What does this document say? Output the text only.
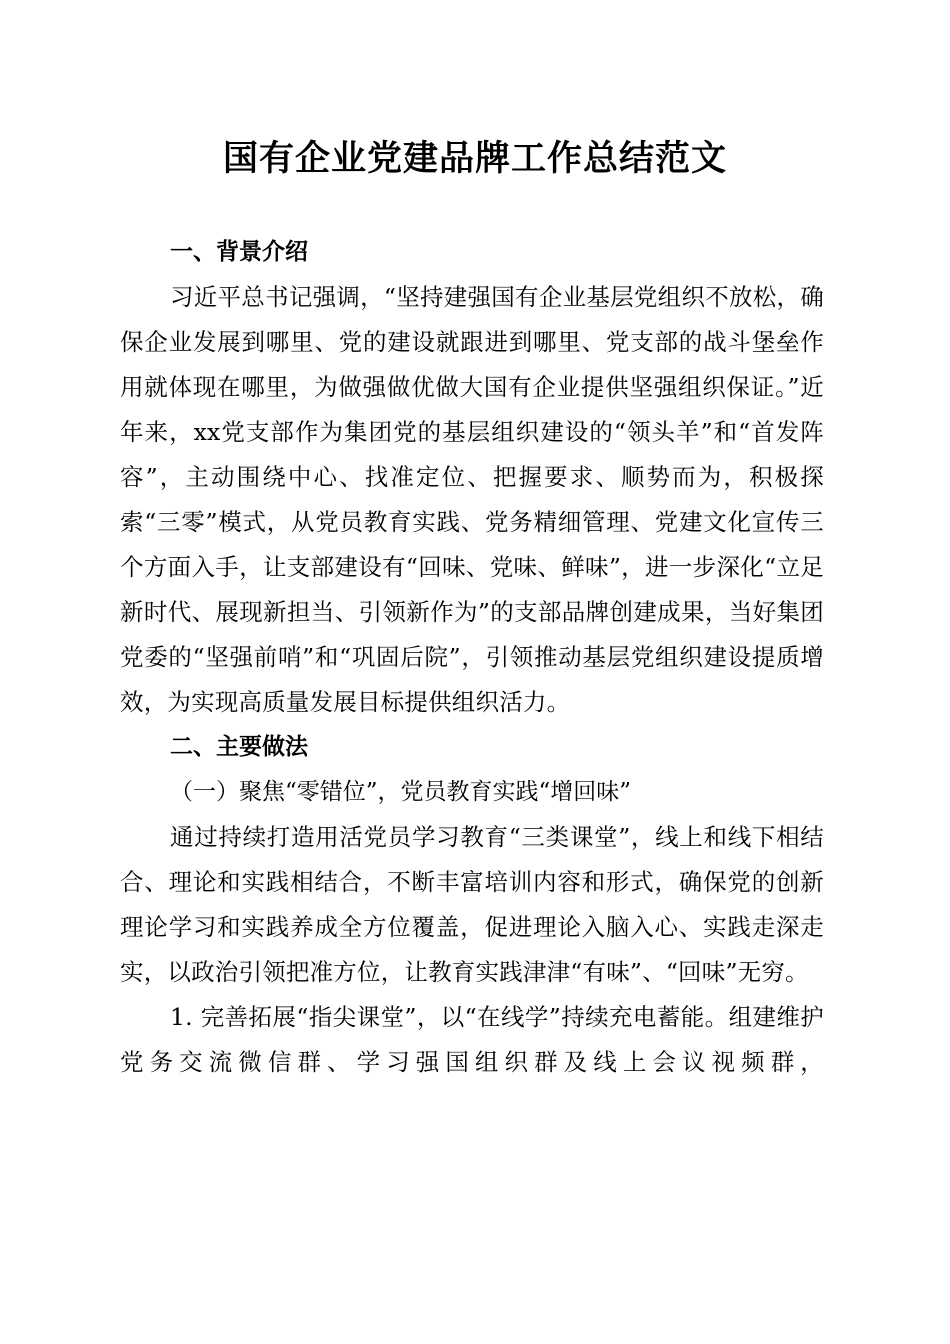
国有企业党建品牌工作总结范文
一、背景介绍

习近平总书记强调，“坚持建强国有企业基层党组织不放松，确保企业发展到哪里、党的建设就跟进到哪里、党支部的战斗堡垒作用就体现在哪里，为做强做优做大国有企业提供坚强组织保证。”近年来，xx党支部作为集团党的基层组织建设的“领头羊”和“首发阵容”，主动围绕中心、找准定位、把握要求、顺势而为，积极探索“三零”模式，从党员教育实践、党务精细管理、党建文化宣传三个方面入手，让支部建设有“回味、党味、鲜味”，进一步深化“立足新时代、展现新担当、引领新作为”的支部品牌创建成果，当好集团党委的“坚强前哨”和“巩固后院”，引领推动基层党组织建设提质增效，为实现高质量发展目标提供组织活力。

二、主要做法
（一）聚焦“零错位”，党员教育实践“增回味”

通过持续打造用活党员学习教育“三类课堂”，线上和线下相结合、理论和实践相结合，不断丰富培训内容和形式，确保党的创新理论学习和实践养成全方位覆盖，促进理论入脑入心、实践走深走实，以政治引领把准方位，让教育实践津津“有味”、“回味”无穷。

1. 完善拓展“指尖课堂”，以“在线学”持续充电蓄能。组建维护党务交流微信群、学习强国组织群及线上会议视频群，
